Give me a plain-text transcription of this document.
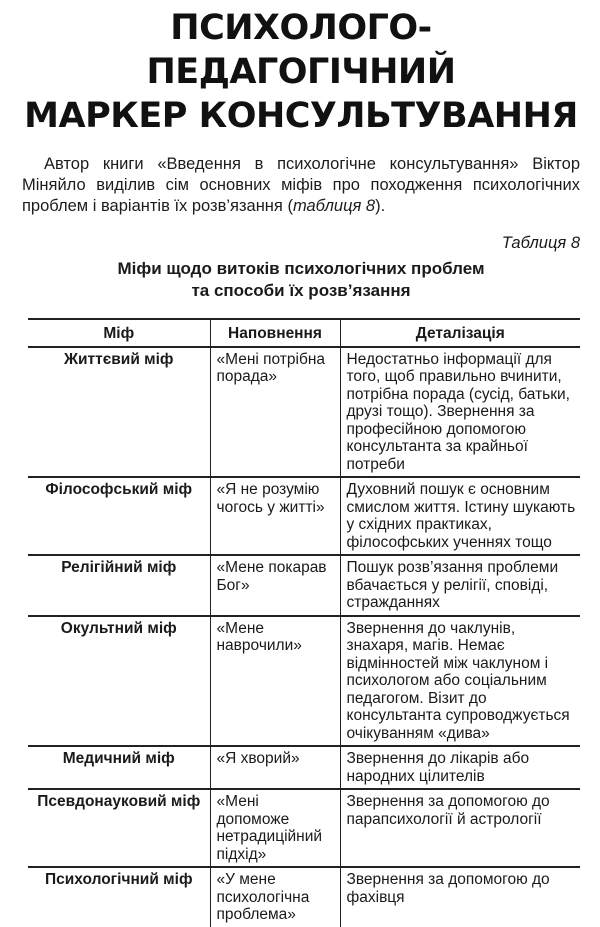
ПСИХОЛОГО-ПЕДАГОГІЧНИЙ
МАРКЕР КОНСУЛЬТУВАННЯ

Автор книги «Введення в психологічне консультування» Віктор Міняйло виділив сім основних міфів про походження психологічних проблем і варіантів їх розв’язання (таблиця 8).

Таблиця 8
Міфи щодо витоків психологічних проблем
та способи їх розв’язання
Міф	Наповнення	Деталізація
Життєвий міф	«Мені потрібна порада»	Недостатньо інформації для того, щоб правильно вчинити, потрібна порада (сусід, батьки, друзі тощо). Звернення за професійною допомогою консультанта за крайньої потреби
Філософський міф	«Я не розумію чогось у житті»	Духовний пошук є основним смислом життя. Істину шукають у східних практиках, філософських ученнях тощо
Релігійний міф	«Мене покарав Бог»	Пошук розв’язання проблеми вбачається у релігії, сповіді, стражданнях
Окультний міф	«Мене наврочили»	Звернення до чаклунів, знахаря, магів. Немає відмінностей між чаклуном і психологом або соціальним педагогом. Візит до консультанта супроводжується очікуванням «дива»
Медичний міф	«Я хворий»	Звернення до лікарів або народних цілителів
Псевдонауковий міф	«Мені допоможе нетрадиційний підхід»	Звернення за допомогою до парапсихології й астрології
Психологічний міф	«У мене психологічна проблема»	Звернення за допомогою до фахівця
